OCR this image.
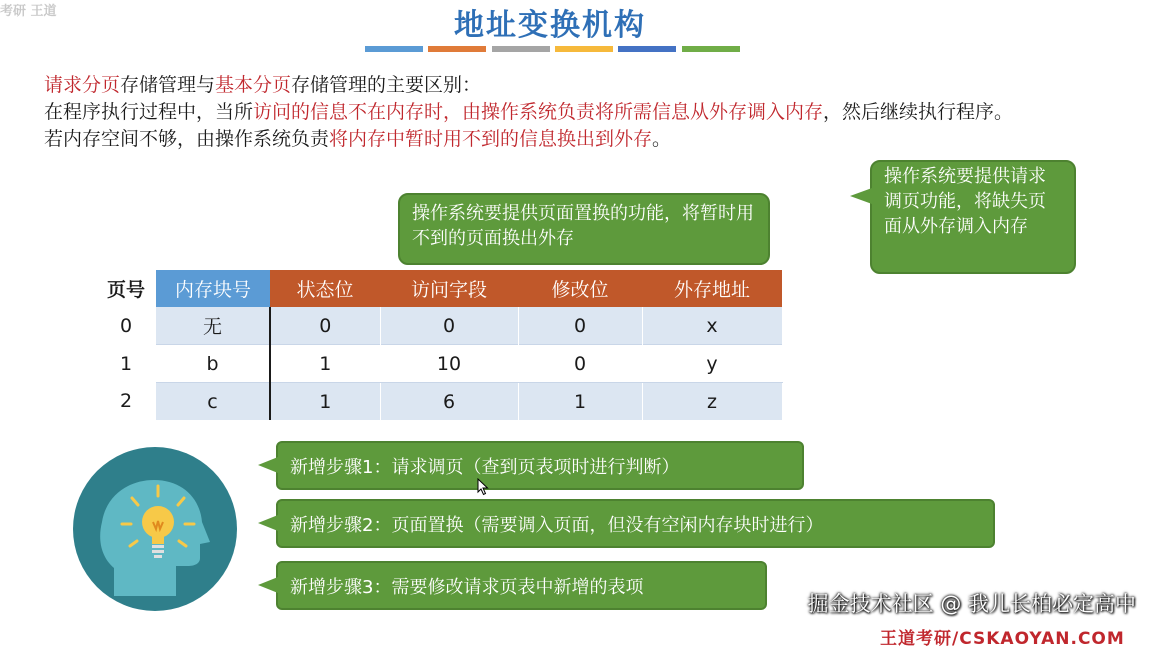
考研 王道	地址变换机构

请求分页存储管理与基本分页存储管理的主要区别：

在程序执行过程中，当所访问的信息不在内存时，由操作系统负责将所需信息从外存调入内存，然后继续执行程序。

若内存空间不够，由操作系统负责将内存中暂时用不到的信息换出到外存。

操作系统要提供页面置换的功能，将暂时用不到的页面换出外存
操作系统要提供请求调页功能，将缺失页面从外存调入内存
页号	内存块号	状态位	访问字段	修改位	外存地址
0	无	0	0	0	x
1	b	1	10	0	y
2	c	1	6	1	z
新增步骤1：请求调页（查到页表项时进行判断）
新增步骤2：页面置换（需要调入页面，但没有空闲内存块时进行）
新增步骤3：需要修改请求页表中新增的表项
掘金技术社区 @ 我儿长柏必定高中
王道考研/CSKAOYAN.COM
